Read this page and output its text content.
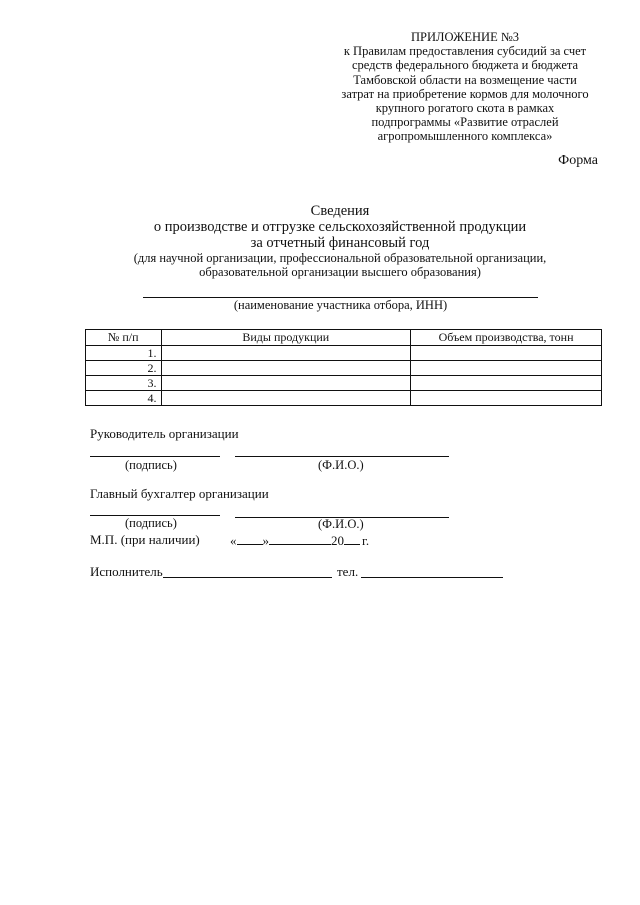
ПРИЛОЖЕНИЕ №3
к Правилам предоставления субсидий за счет
средств федерального бюджета и бюджета
Тамбовской области на возмещение части
затрат на приобретение кормов для молочного
крупного рогатого скота в рамках
подпрограммы «Развитие отраслей
агропромышленного комплекса»
Форма
Сведения
о производстве и отгрузке сельскохозяйственной продукции
за отчетный финансовый год
(для научной организации, профессиональной образовательной организации,
образовательной организации высшего образования)
(наименование участника отбора, ИНН)
№ п/п	Виды продукции	Объем производства, тонн
1.		
2.		
3.		
4.		
Руководитель организации
(подпись)	(Ф.И.О.)
Главный бухгалтер организации
(подпись)	(Ф.И.О.)
М.П. (при наличии) « »	20 г.
Исполнитель	тел.
